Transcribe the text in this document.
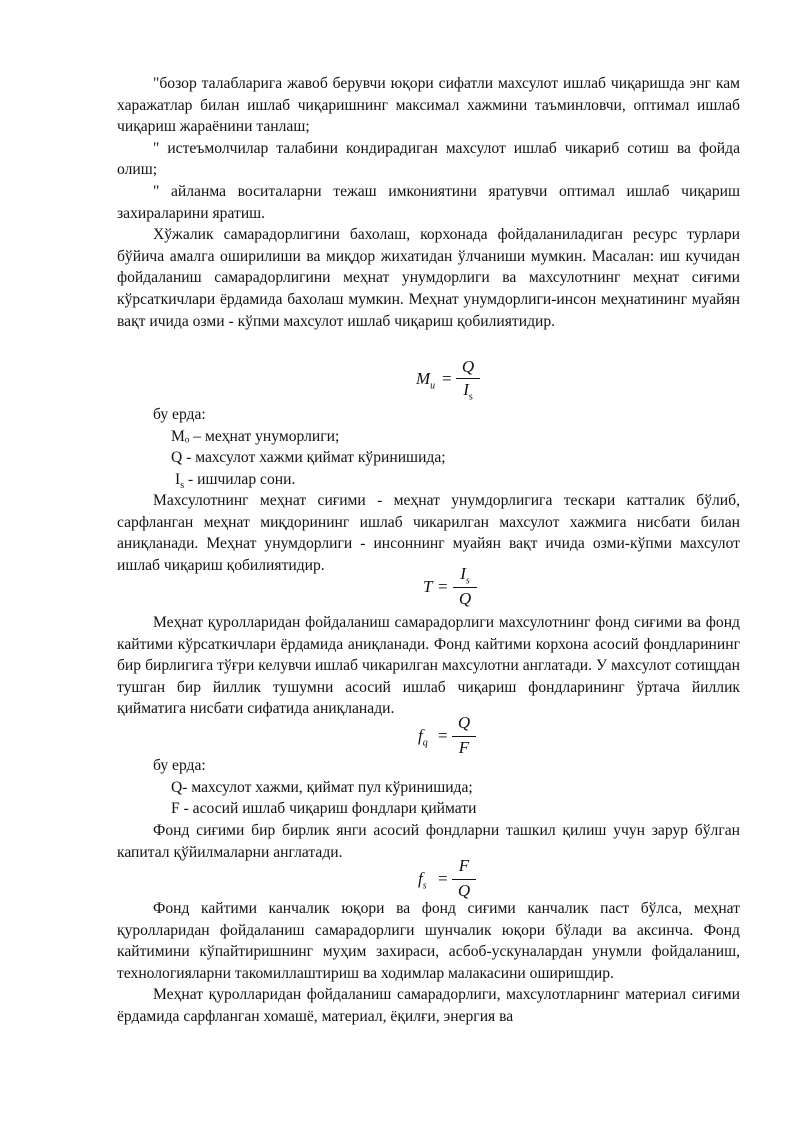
"бозор талабларига жавоб берувчи юқори сифатли махсулот ишлаб чиқаришда энг кам харажатлар билан ишлаб чиқаришнинг максимал хажмини таъминловчи, оптимал ишлаб чиқариш жараёнини танлаш;

" истеъмолчилар талабини кондирадиган махсулот ишлаб чикариб сотиш ва фойда олиш;

" айланма воситаларни тежаш имкониятини яратувчи оптимал ишлаб чиқариш захираларини яратиш.

Хўжалик самарадорлигини бахолаш, корхонада фойдаланиладиган ресурс турлари бўйича амалга оширилиши ва миқдор жихатидан ўлчаниши мумкин. Масалан: иш кучидан фойдаланиш самарадорлигини меҳнат унумдорлиги ва махсулотнинг меҳнат сиғими кўрсаткичлари ёрдамида бахолаш мумкин. Меҳнат унумдорлиги-инсон меҳнатининг муайян вақт ичида озми - кўпми махсулот ишлаб чиқариш қобилиятидир.

$M_u$ =
Q
$I_s$

бу ерда:

Mₒ – меҳнат унуморлиги;

Q - махсулот хажми қиймат кўринишида;

$I_s$ - ишчилар сони.

Махсулотнинг меҳнат сиғими - меҳнат унумдорлигига тескари катталик бўлиб, сарфланган меҳнат миқдорининг ишлаб чикарилган махсулот хажмига нисбати билан аниқланади. Меҳнат унумдорлиги - инсоннинг муайян вақт ичида озми-кўпми махсулот ишлаб чиқариш қобилиятидир.

T =
$I_s$
Q

Меҳнат қуролларидан фойдаланиш самарадорлиги махсулотнинг фонд сиғими ва фонд кайтими кўрсаткичлари ёрдамида аниқланади. Фонд кайтими корхона асосий фондларининг бир бирлигига тўғри келувчи ишлаб чикарилган махсулотни англатади. У махсулот сотищдан тушган бир йиллик тушумни асосий ишлаб чиқариш фондларининг ўртача йиллик қийматига нисбати сифатида аниқланади.

$f_q$ =
Q
F

бу ерда:

Q- махсулот хажми, қиймат пул кўринишида;

F - асосий ишлаб чиқариш фондлари қиймати

Фонд сиғими бир бирлик янги асосий фондларни ташкил қилиш учун зарур бўлган капитал қўйилмаларни англатади.

$f_s$ =
F
Q

Фонд кайтими канчалик юқори ва фонд сиғими канчалик паст бўлса, меҳнат қуролларидан фойдаланиш самарадорлиги шунчалик юқори бўлади ва аксинча. Фонд кайтимини кўпайтиришнинг муҳим захираси, асбоб-ускуналардан унумли фойдаланиш, технологияларни такомиллаштириш ва ходимлар малакасини оширишдир.

Меҳнат қуролларидан фойдаланиш самарадорлиги, махсулотларнинг материал сиғими ёрдамида сарфланган хомашё, материал, ёқилғи, энергия ва
